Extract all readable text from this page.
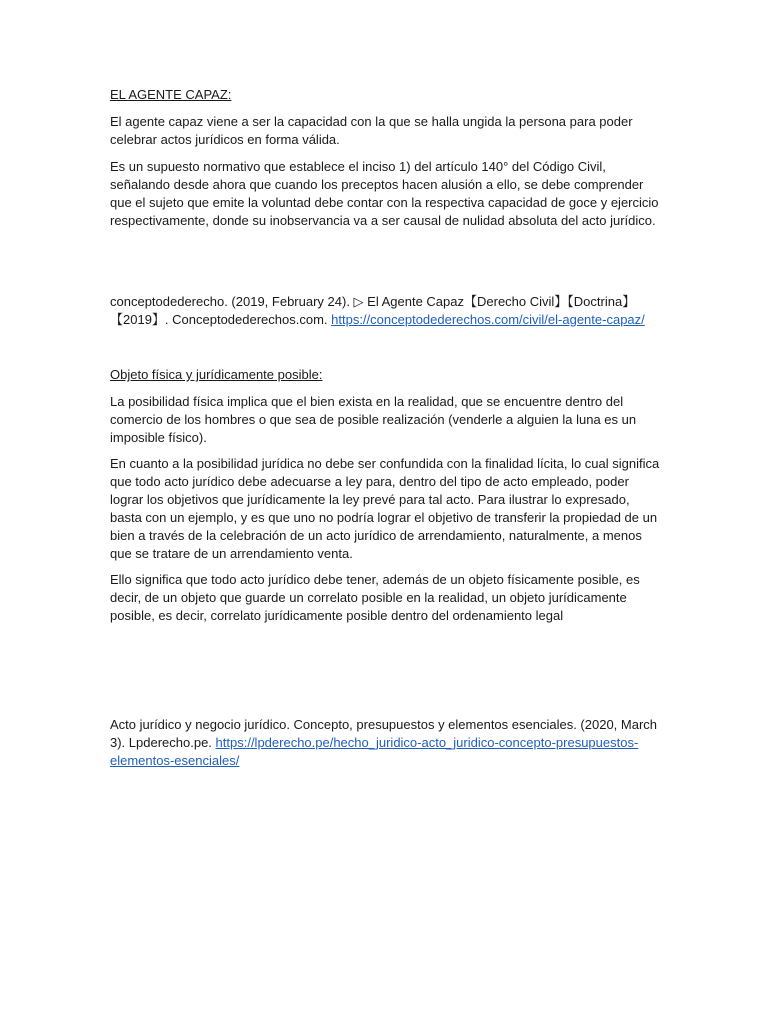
EL AGENTE CAPAZ:
El agente capaz viene a ser la capacidad con la que se halla ungida la persona para poder celebrar actos jurídicos en forma válida.
Es un supuesto normativo que establece el inciso 1) del artículo 140° del Código Civil, señalando desde ahora que cuando los preceptos hacen alusión a ello, se debe comprender que el sujeto que emite la voluntad debe contar con la respectiva capacidad de goce y ejercicio respectivamente, donde su inobservancia va a ser causal de nulidad absoluta del acto jurídico.
conceptodederecho. (2019, February 24). ▷ El Agente Capaz【Derecho Civil】【Doctrina】【2019】. Conceptodederechos.com. https://conceptodederechos.com/civil/el-agente-capaz/
Objeto física y jurídicamente posible:
La posibilidad física implica que el bien exista en la realidad, que se encuentre dentro del comercio de los hombres o que sea de posible realización (venderle a alguien la luna es un imposible físico).
En cuanto a la posibilidad jurídica no debe ser confundida con la finalidad lícita, lo cual significa que todo acto jurídico debe adecuarse a ley para, dentro del tipo de acto empleado, poder lograr los objetivos que jurídicamente la ley prevé para tal acto. Para ilustrar lo expresado, basta con un ejemplo, y es que uno no podría lograr el objetivo de transferir la propiedad de un bien a través de la celebración de un acto jurídico de arrendamiento, naturalmente, a menos que se tratare de un arrendamiento venta.
Ello significa que todo acto jurídico debe tener, además de un objeto físicamente posible, es decir, de un objeto que guarde un correlato posible en la realidad, un objeto jurídicamente posible, es decir, correlato jurídicamente posible dentro del ordenamiento legal
Acto jurídico y negocio jurídico. Concepto, presupuestos y elementos esenciales. (2020, March 3). Lpderecho.pe. https://lpderecho.pe/hecho_juridico-acto_juridico-concepto-presupuestos-elementos-esenciales/
